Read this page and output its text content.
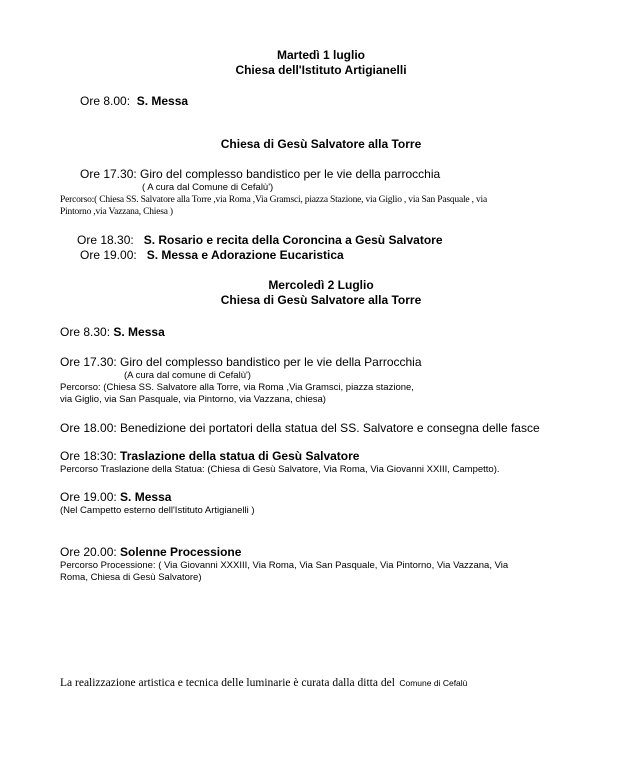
Martedì 1 luglio
Chiesa dell'Istituto Artigianelli
Ore 8.00: S. Messa
Chiesa di Gesù Salvatore alla Torre
Ore 17.30: Giro del complesso bandistico per le vie della parrocchia
( A cura dal Comune di Cefalù')
Percorso:( Chiesa SS. Salvatore alla Torre ,via Roma ,Via Gramsci, piazza Stazione, via Giglio , via San Pasquale , via
Pintorno ,via Vazzana, Chiesa )
Ore 18.30: S. Rosario e recita della Coroncina a Gesù Salvatore
Ore 19.00: S. Messa e Adorazione Eucaristica
Mercoledì 2 Luglio
Chiesa di Gesù Salvatore alla Torre
Ore 8.30: S. Messa
Ore 17.30: Giro del complesso bandistico per le vie della Parrocchia
(A cura dal comune di Cefalù')
Percorso: (Chiesa SS. Salvatore alla Torre, via Roma ,Via Gramsci, piazza stazione,
via Giglio, via San Pasquale, via Pintorno, via Vazzana, chiesa)
Ore 18.00: Benedizione dei portatori della statua del SS. Salvatore e consegna delle fasce
Ore 18:30: Traslazione della statua di Gesù Salvatore
Percorso Traslazione della Statua: (Chiesa di Gesù Salvatore, Via Roma, Via Giovanni XXIII, Campetto).
Ore 19.00: S. Messa
(Nel Campetto esterno dell'Istituto Artigianelli )
Ore 20.00: Solenne Processione
Percorso Processione: ( Via Giovanni XXXIII, Via Roma, Via San Pasquale, Via Pintorno, Via Vazzana, Via
Roma, Chiesa di Gesù Salvatore)
La realizzazione artistica e tecnica delle luminarie è curata dalla ditta del Comune di Cefalù
